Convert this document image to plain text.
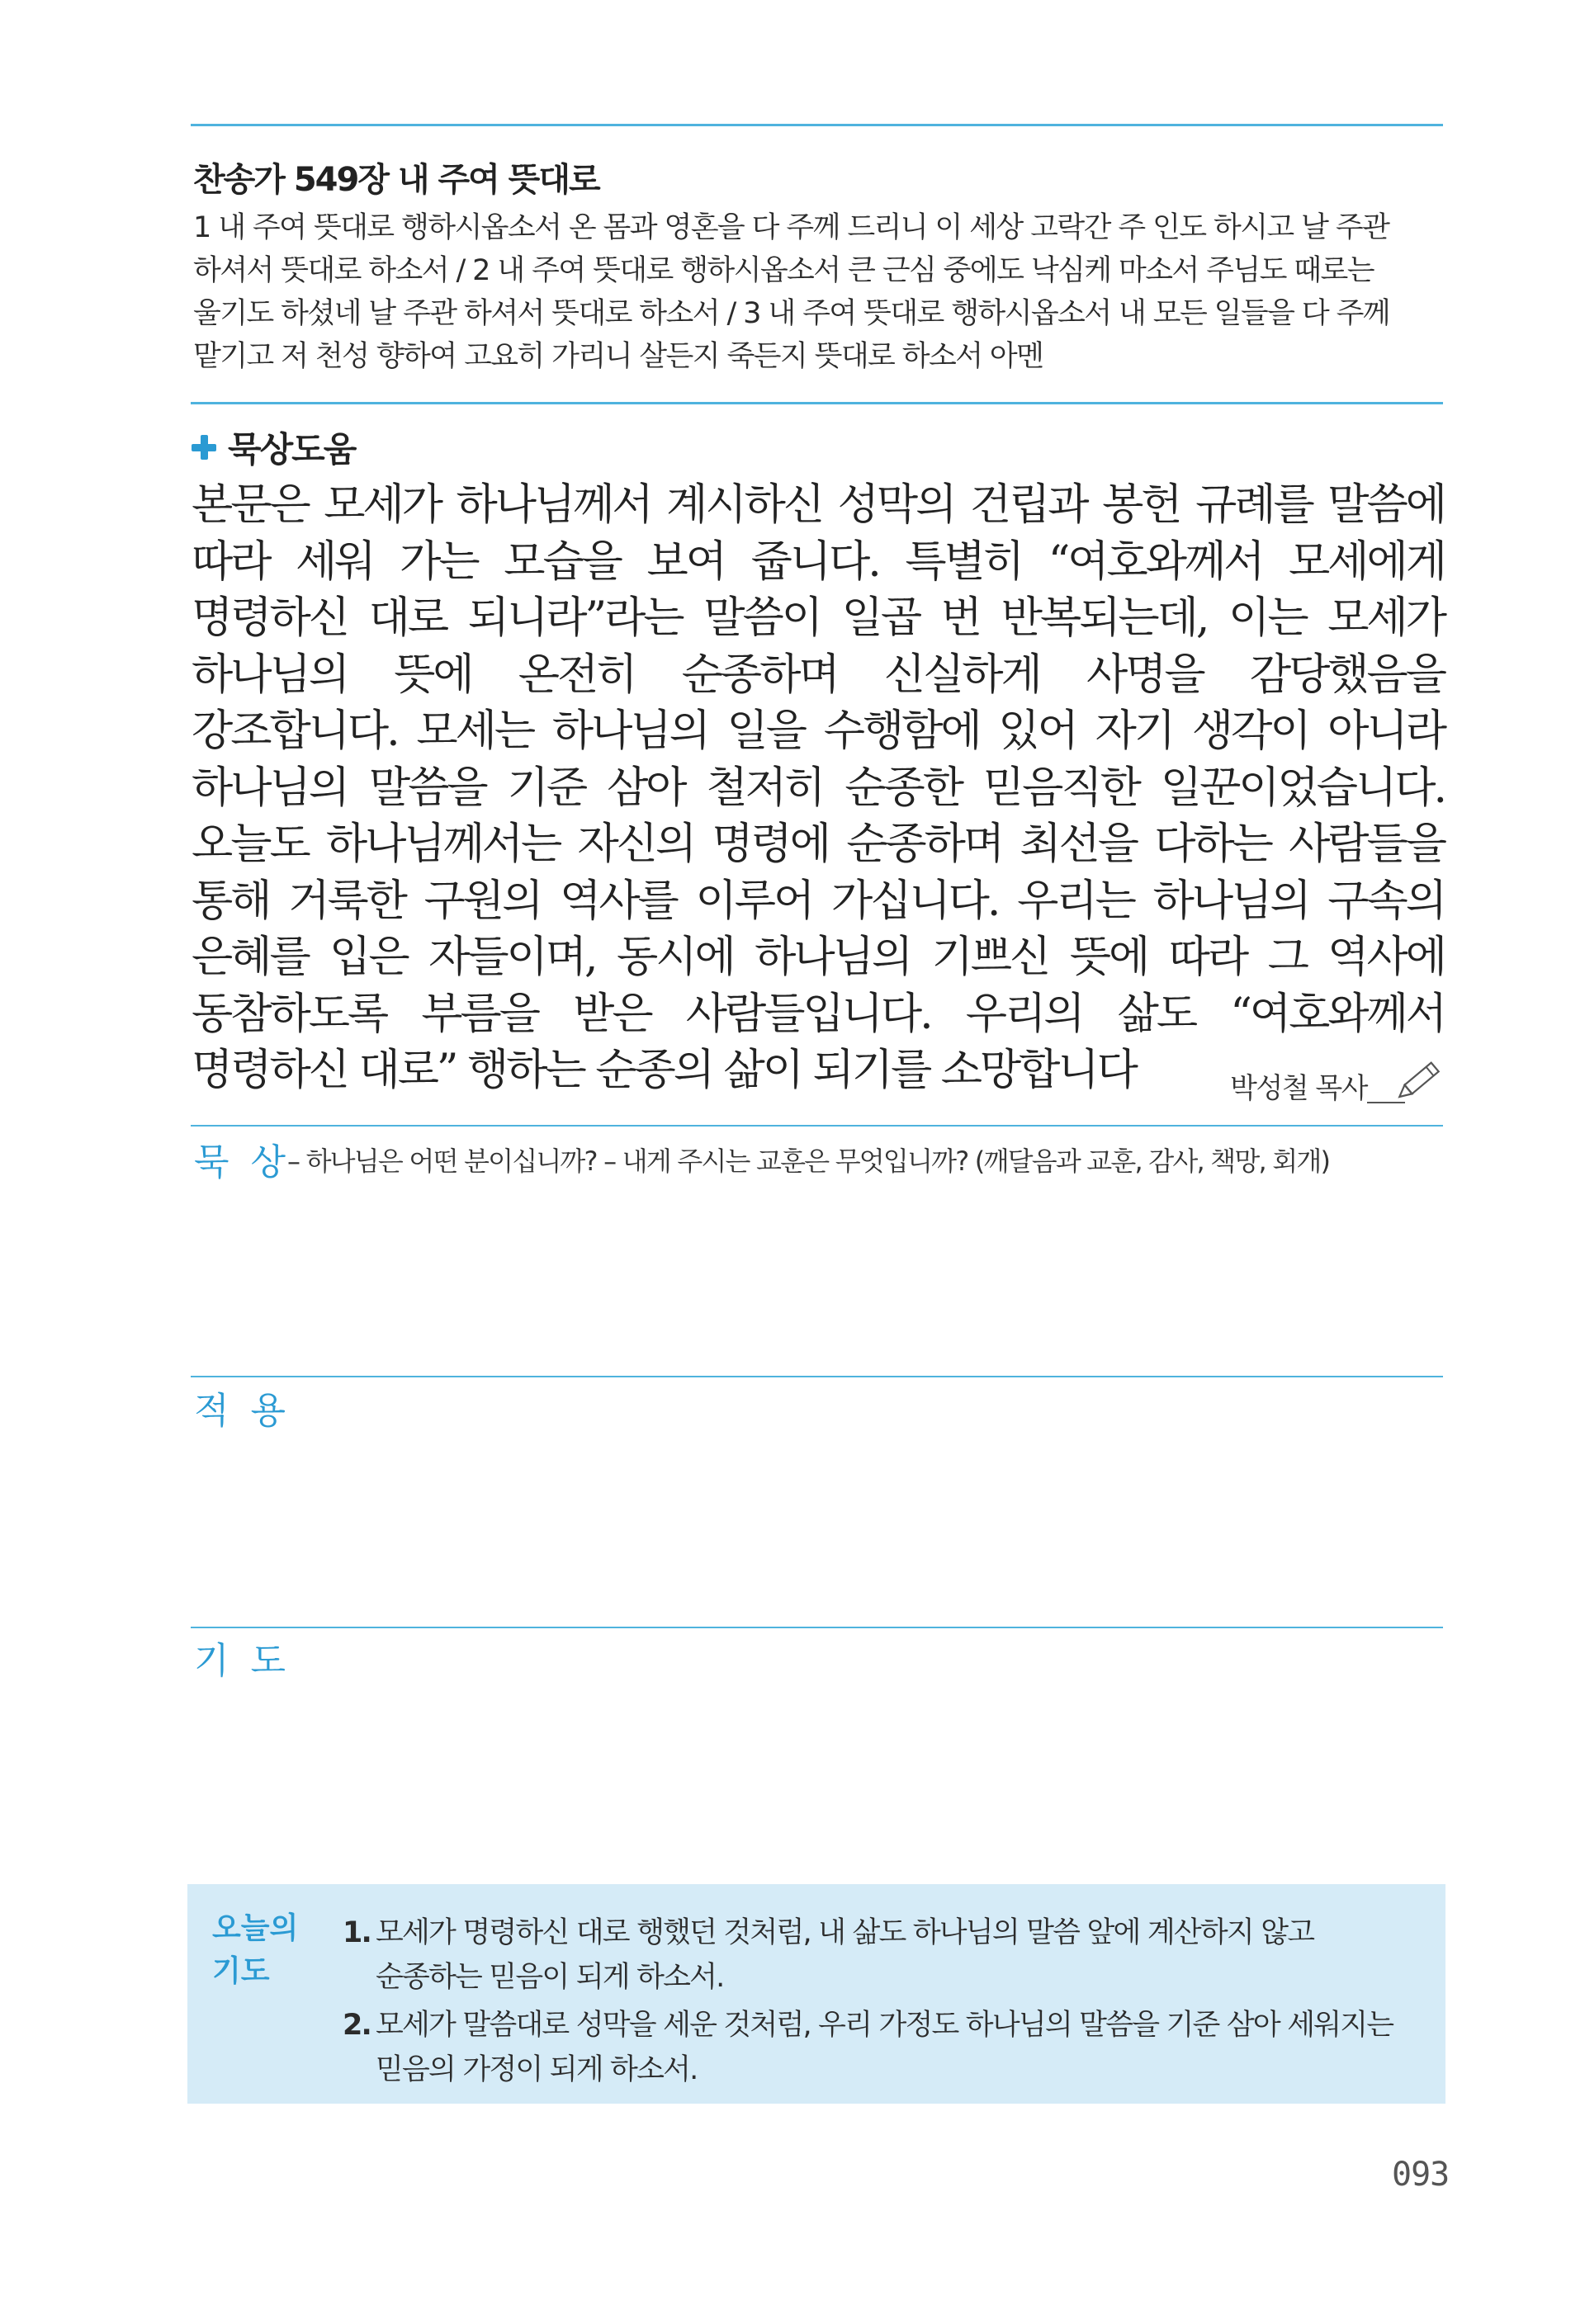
찬송가 549장 내 주여 뜻대로
1 내 주여 뜻대로 행하시옵소서 온 몸과 영혼을 다 주께 드리니 이 세상 고락간 주 인도 하시고 날 주관 하셔서 뜻대로 하소서 / 2 내 주여 뜻대로 행하시옵소서 큰 근심 중에도 낙심케 마소서 주님도 때로는 울기도 하셨네 날 주관 하셔서 뜻대로 하소서 / 3 내 주여 뜻대로 행하시옵소서 내 모든 일들을 다 주께 맡기고 저 천성 향하여 고요히 가리니 살든지 죽든지 뜻대로 하소서 아멘
묵상도움
본문은 모세가 하나님께서 계시하신 성막의 건립과 봉헌 규례를 말씀에 따라 세워 가는 모습을 보여 줍니다. 특별히 “여호와께서 모세에게 명령하신 대로 되니라”라는 말씀이 일곱 번 반복되는데, 이는 모세가 하나님의 뜻에 온전히 순종하며 신실하게 사명을 감당했음을 강조합니다. 모세는 하나님의 일을 수행함에 있어 자기 생각이 아니라 하나님의 말씀을 기준 삼아 철저히 순종한 믿음직한 일꾼이었습니다. 오늘도 하나님께서는 자신의 명령에 순종하며 최선을 다하는 사람들을 통해 거룩한 구원의 역사를 이루어 가십니다. 우리는 하나님의 구속의 은혜를 입은 자들이며, 동시에 하나님의 기쁘신 뜻에 따라 그 역사에 동참하도록 부름을 받은 사람들입니다. 우리의 삶도 “여호와께서 명령하신 대로” 행하는 순종의 삶이 되기를 소망합니다	박성철 목사
묵 상
– 하나님은 어떤 분이십니까? – 내게 주시는 교훈은 무엇입니까? (깨달음과 교훈, 감사, 책망, 회개)
적 용
기 도
오늘의
기도
1. 모세가 명령하신 대로 행했던 것처럼, 내 삶도 하나님의 말씀 앞에 계산하지 않고 순종하는 믿음이 되게 하소서.
2. 모세가 말씀대로 성막을 세운 것처럼, 우리 가정도 하나님의 말씀을 기준 삼아 세워지는 믿음의 가정이 되게 하소서.
093
